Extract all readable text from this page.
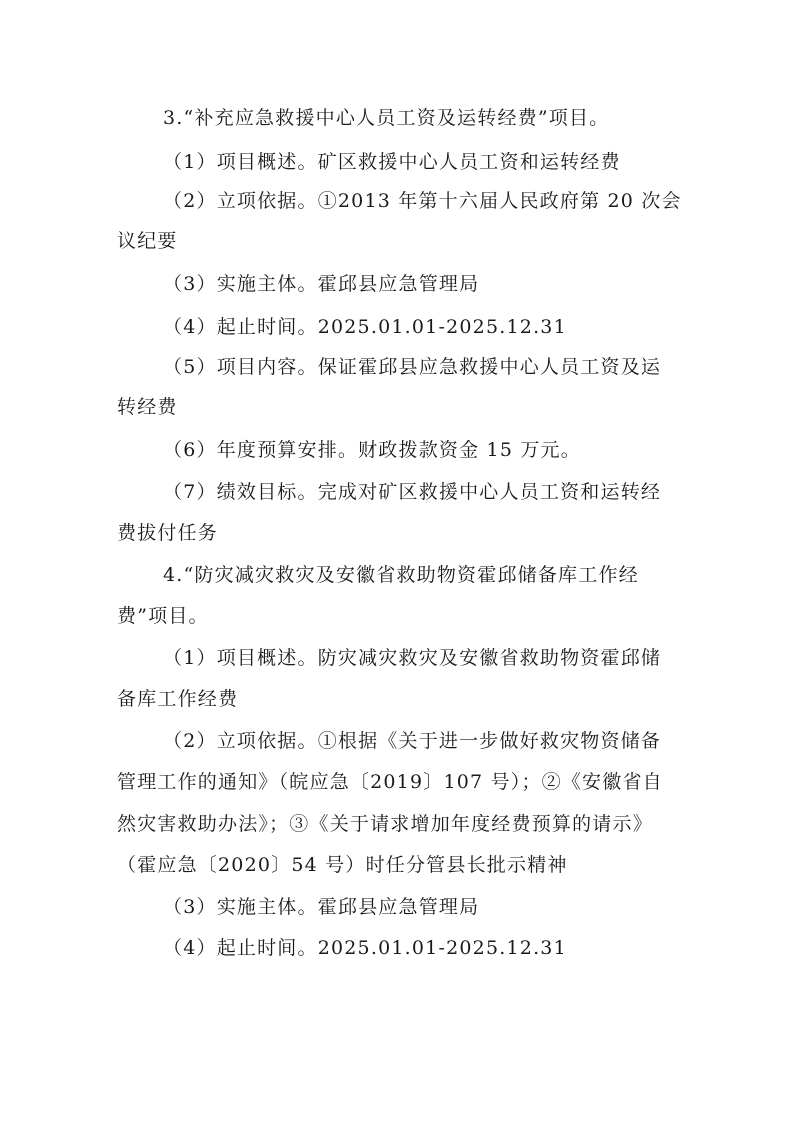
3.“补充应急救援中心人员工资及运转经费”项目。
（1）项目概述。矿区救援中心人员工资和运转经费
（2）立项依据。①2013 年第十六届人民政府第 20 次会
议纪要
（3）实施主体。霍邱县应急管理局
（4）起止时间。2025.01.01-2025.12.31
（5）项目内容。保证霍邱县应急救援中心人员工资及运
转经费
（6）年度预算安排。财政拨款资金 15 万元。
（7）绩效目标。完成对矿区救援中心人员工资和运转经
费拔付任务
4.“防灾减灾救灾及安徽省救助物资霍邱储备库工作经
费”项目。
（1）项目概述。防灾减灾救灾及安徽省救助物资霍邱储
备库工作经费
（2）立项依据。①根据《关于进一步做好救灾物资储备
管理工作的通知》（皖应急〔2019〕107 号）；②《安徽省自
然灾害救助办法》；③《关于请求增加年度经费预算的请示》
（霍应急〔2020〕54 号）时任分管县长批示精神
（3）实施主体。霍邱县应急管理局
（4）起止时间。2025.01.01-2025.12.31
